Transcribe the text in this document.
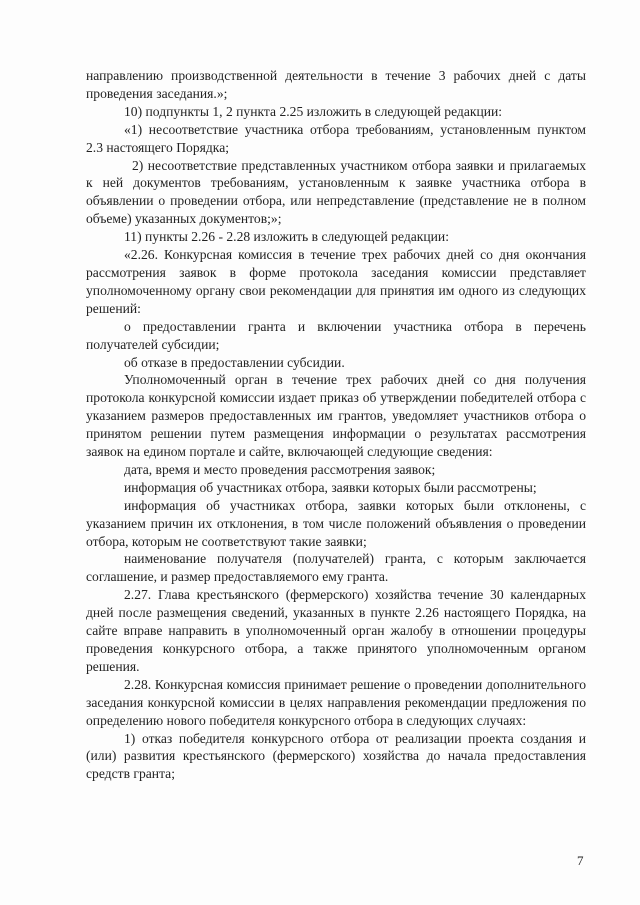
направлению производственной деятельности в течение 3 рабочих дней с даты проведения заседания.»;

10) подпункты 1, 2 пункта 2.25 изложить в следующей редакции:

«1) несоответствие участника отбора требованиям, установленным пунктом 2.3 настоящего Порядка;

2) несоответствие представленных участником отбора заявки и прилагаемых к ней документов требованиям, установленным к заявке участника отбора в объявлении о проведении отбора, или непредставление (представление не в полном объеме) указанных документов;»;

11) пункты 2.26 - 2.28 изложить в следующей редакции:

«2.26. Конкурсная комиссия в течение трех рабочих дней со дня окончания рассмотрения заявок в форме протокола заседания комиссии представляет уполномоченному органу свои рекомендации для принятия им одного из следующих решений:

о предоставлении гранта и включении участника отбора в перечень получателей субсидии;

об отказе в предоставлении субсидии.

Уполномоченный орган в течение трех рабочих дней со дня получения протокола конкурсной комиссии издает приказ об утверждении победителей отбора с указанием размеров предоставленных им грантов, уведомляет участников отбора о принятом решении путем размещения информации о результатах рассмотрения заявок на едином портале и сайте, включающей следующие сведения:

дата, время и место проведения рассмотрения заявок;

информация об участниках отбора, заявки которых были рассмотрены;

информация об участниках отбора, заявки которых были отклонены, с указанием причин их отклонения, в том числе положений объявления о проведении отбора, которым не соответствуют такие заявки;

наименование получателя (получателей) гранта, с которым заключается соглашение, и размер предоставляемого ему гранта.

2.27. Глава крестьянского (фермерского) хозяйства течение 30 календарных дней после размещения сведений, указанных в пункте 2.26 настоящего Порядка, на сайте вправе направить в уполномоченный орган жалобу в отношении процедуры проведения конкурсного отбора, а также принятого уполномоченным органом решения.

2.28. Конкурсная комиссия принимает решение о проведении дополнительного заседания конкурсной комиссии в целях направления рекомендации предложения по определению нового победителя конкурсного отбора в следующих случаях:

1) отказ победителя конкурсного отбора от реализации проекта создания и (или) развития крестьянского (фермерского) хозяйства до начала предоставления средств гранта;

7
